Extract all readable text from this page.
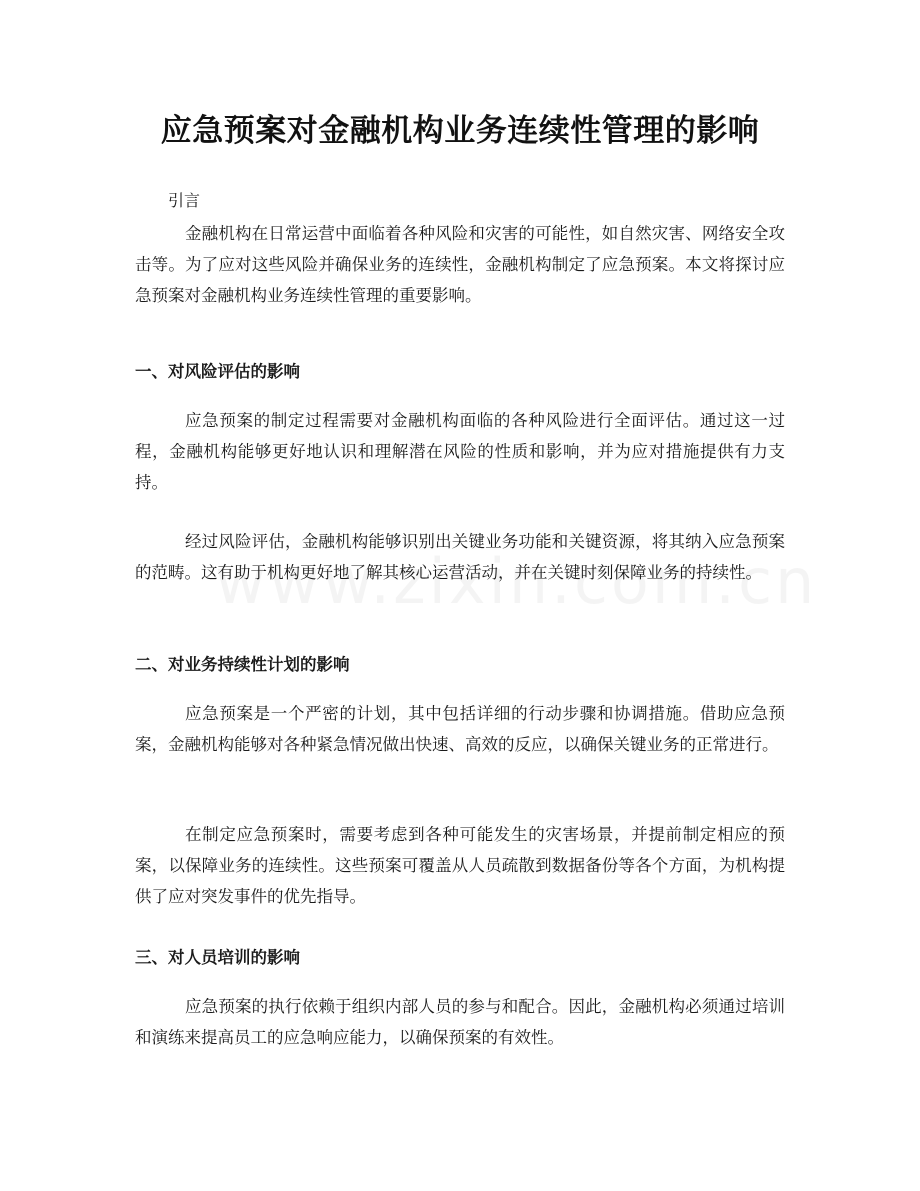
应急预案对金融机构业务连续性管理的影响
引言

金融机构在日常运营中面临着各种风险和灾害的可能性，如自然灾害、网络安全攻击等。为了应对这些风险并确保业务的连续性，金融机构制定了应急预案。本文将探讨应急预案对金融机构业务连续性管理的重要影响。

一、对风险评估的影响

应急预案的制定过程需要对金融机构面临的各种风险进行全面评估。通过这一过程，金融机构能够更好地认识和理解潜在风险的性质和影响，并为应对措施提供有力支持。

经过风险评估，金融机构能够识别出关键业务功能和关键资源，将其纳入应急预案的范畴。这有助于机构更好地了解其核心运营活动，并在关键时刻保障业务的持续性。

二、对业务持续性计划的影响

应急预案是一个严密的计划，其中包括详细的行动步骤和协调措施。借助应急预案，金融机构能够对各种紧急情况做出快速、高效的反应，以确保关键业务的正常进行。

在制定应急预案时，需要考虑到各种可能发生的灾害场景，并提前制定相应的预案，以保障业务的连续性。这些预案可覆盖从人员疏散到数据备份等各个方面，为机构提供了应对突发事件的优先指导。

三、对人员培训的影响

应急预案的执行依赖于组织内部人员的参与和配合。因此，金融机构必须通过培训和演练来提高员工的应急响应能力，以确保预案的有效性。
